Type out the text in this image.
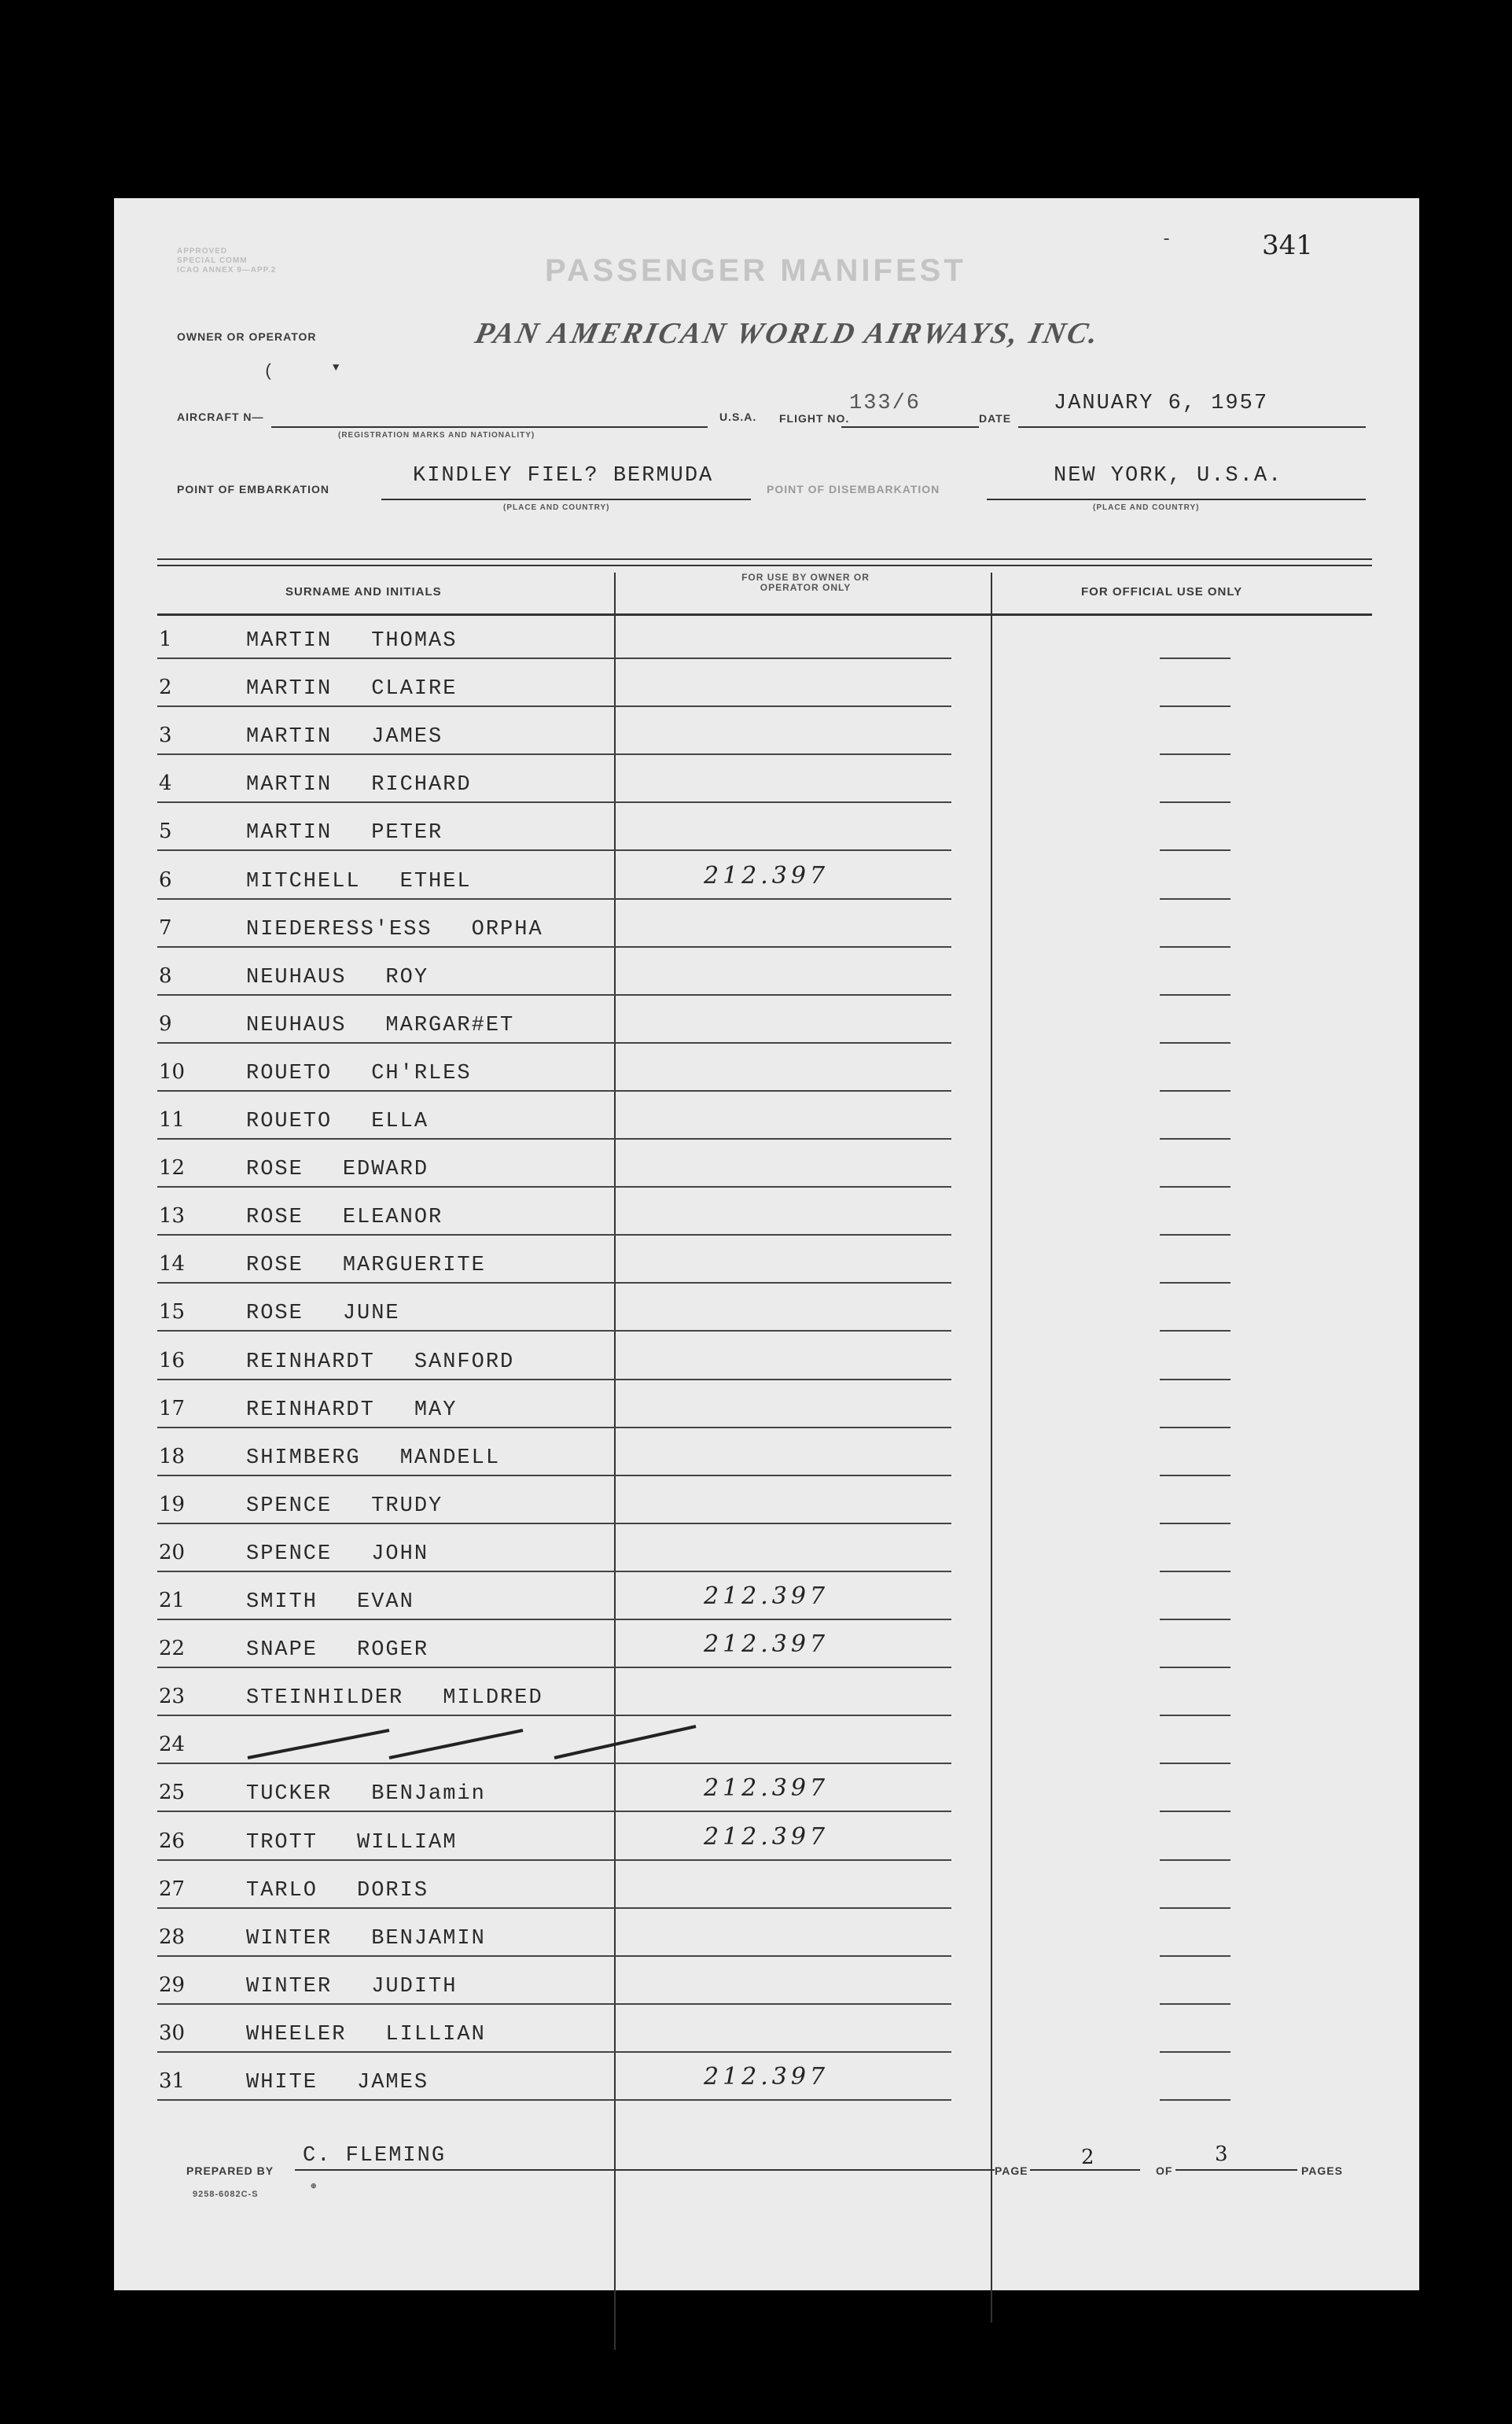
341
-
APPROVED
SPECIAL COMM
ICAO ANNEX 9—APP.2	PASSENGER MANIFEST
OWNER OR OPERATOR	PAN AMERICAN WORLD AIRWAYS, INC.
(	▼
AIRCRAFT N—
(REGISTRATION MARKS AND NATIONALITY)
U.S.A. FLIGHT NO.
133/6
DATE
JANUARY 6, 1957
POINT OF EMBARKATION
KINDLEY FIEL? BERMUDA
(PLACE AND COUNTRY)
POINT OF DISEMBARKATION
NEW YORK, U.S.A.
(PLACE AND COUNTRY)
SURNAME AND INITIALS
FOR USE BY OWNER OR OPERATOR ONLY	FOR OFFICIAL USE ONLY
1	MARTIN THOMAS
2	MARTIN CLAIRE
3	MARTIN JAMES
4	MARTIN RICHARD
5	MARTIN PETER
6	MITCHELL ETHEL	212.397
7	NIEDERESS'ESS ORPHA
8	NEUHAUS ROY
9	NEUHAUS MARGAR#ET
10	ROUETO CH'RLES
11	ROUETO ELLA
12	ROSE EDWARD
13	ROSE ELEANOR
14	ROSE MARGUERITE
15	ROSE JUNE
16	REINHARDT SANFORD
17	REINHARDT MAY
18	SHIMBERG MANDELL
19	SPENCE TRUDY
20	SPENCE JOHN
21	SMITH EVAN	212.397
22	SNAPE ROGER	212.397
23	STEINHILDER MILDRED
24
25	TUCKER BENJamin	212.397
26	TROTT WILLIAM	212.397
27	TARLO DORIS
28	WINTER BENJAMIN
29	WINTER JUDITH
30	WHEELER LILLIAN
31	WHITE JAMES	212.397
PREPARED BY
C. FLEMING
PAGE
2
OF
3
PAGES
9258-6082C-S
⊕
